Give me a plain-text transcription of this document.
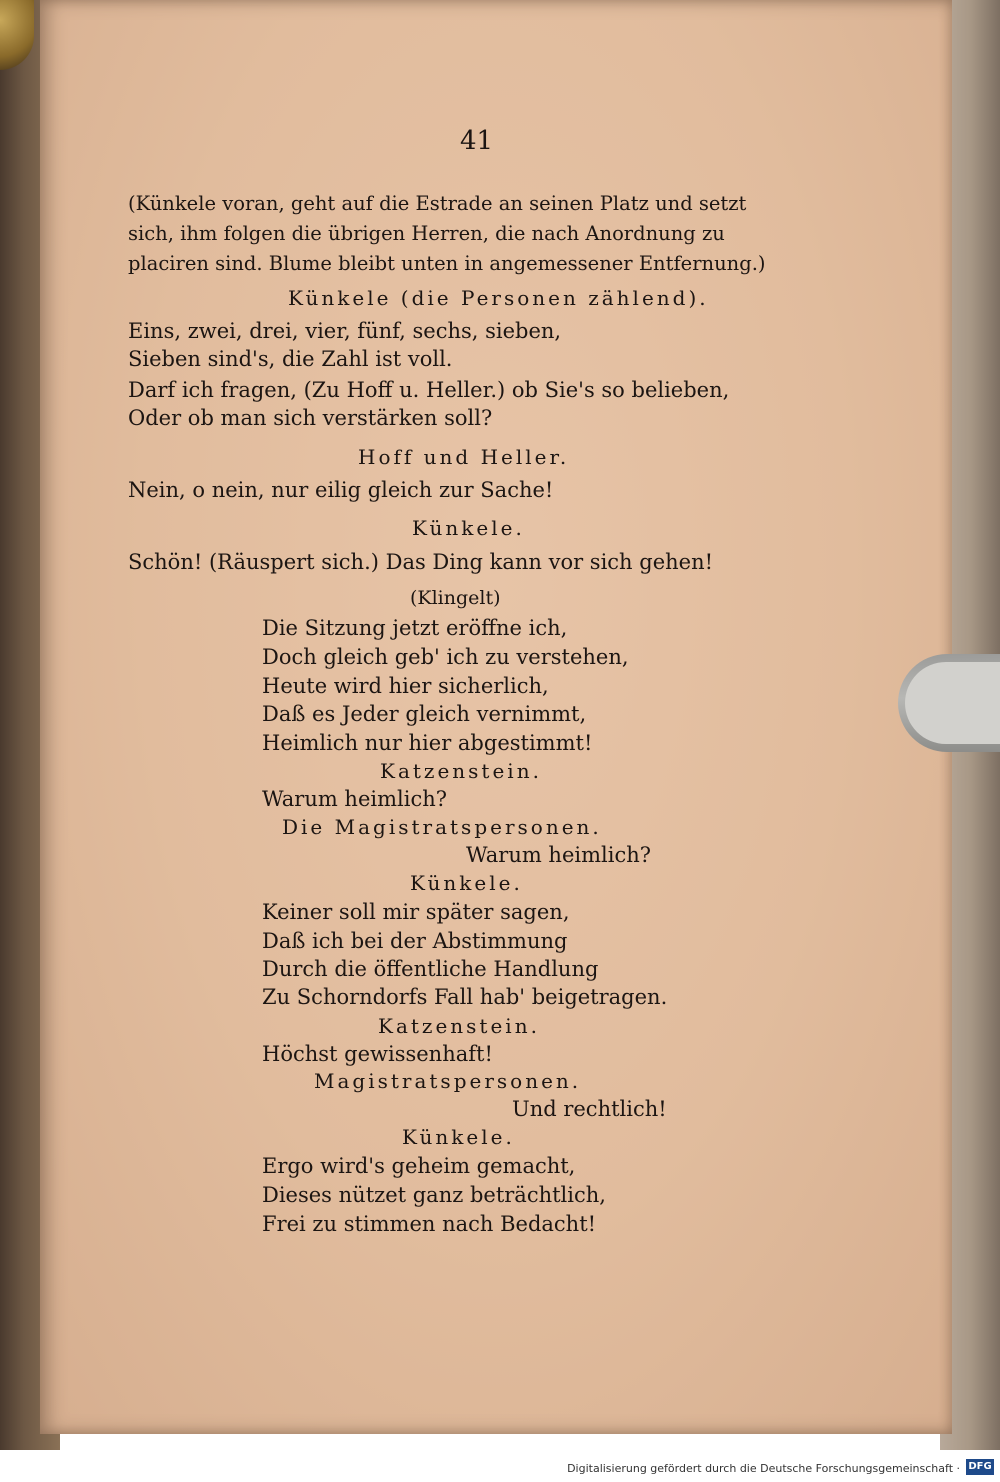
41
(Künkele voran, geht auf die Estrade an seinen Platz und setzt
sich, ihm folgen die übrigen Herren, die nach Anordnung zu
placiren sind. Blume bleibt unten in angemessener Entfernung.)
Künkele (die Personen zählend).
Eins, zwei, drei, vier, fünf, sechs, sieben,
Sieben sind's, die Zahl ist voll.
Darf ich fragen, (Zu Hoff u. Heller.) ob Sie's so belieben,
Oder ob man sich verstärken soll?
Hoff und Heller.
Nein, o nein, nur eilig gleich zur Sache!
Künkele.
Schön! (Räuspert sich.) Das Ding kann vor sich gehen!
(Klingelt)
Die Sitzung jetzt eröffne ich,
Doch gleich geb' ich zu verstehen,
Heute wird hier sicherlich,
Daß es Jeder gleich vernimmt,
Heimlich nur hier abgestimmt!
Katzenstein.
Warum heimlich?
Die Magistratspersonen.
Warum heimlich?
Künkele.
Keiner soll mir später sagen,
Daß ich bei der Abstimmung
Durch die öffentliche Handlung
Zu Schorndorfs Fall hab' beigetragen.
Katzenstein.
Höchst gewissenhaft!
Magistratspersonen.
Und rechtlich!
Künkele.
Ergo wird's geheim gemacht,
Dieses nützet ganz beträchtlich,
Frei zu stimmen nach Bedacht!
Digitalisierung gefördert durch die Deutsche Forschungsgemeinschaft · DFG
